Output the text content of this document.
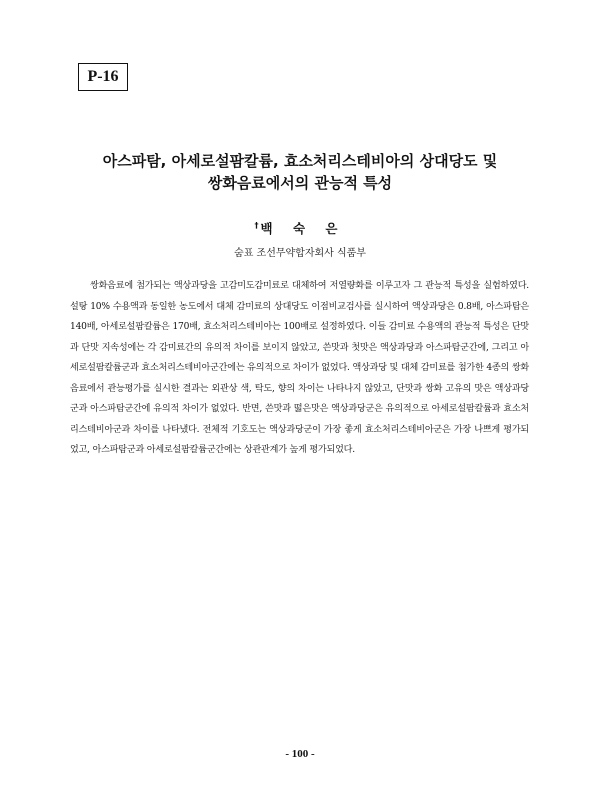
P-16
아스파탐, 아세로설팜칼륨, 효소처리스테비아의 상대당도 및
쌍화음료에서의 관능적 특성
† 백 숙 은
숨표 조선무약합자회사 식품부

쌍화음료에 첨가되는 액상과당을 고감미도감미료로 대체하여 저열량화를 이루고자 그 관능적 특성을 실험하였다. 설탕 10% 수용액과 동일한 농도에서 대체 감미료의 상대당도 이점비교검사를 실시하여 액상과당은 0.8배, 아스파탐은 140배, 아세로설팜칼륨은 170배, 효소처리스테비아는 100배로 설정하였다. 이들 감미료 수용액의 관능적 특성은 단맛과 단맛 지속성에는 각 감미료간의 유의적 차이를 보이지 않았고, 쓴맛과 첫맛은 액상과당과 아스파탐군간에, 그리고 아세로설팜칼륨군과 효소처리스테비아군간에는 유의적으로 차이가 없었다. 액상과당 및 대체 감미료를 첨가한 4종의 쌍화음료에서 관능평가를 실시한 결과는 외관상 색, 탁도, 향의 차이는 나타나지 않았고, 단맛과 쌍화 고유의 맛은 액상과당군과 아스파탐군간에 유의적 차이가 없었다. 반면, 쓴맛과 떫은맛은 액상과당군은 유의적으로 아세로설팜칼륨과 효소처리스테비아군과 차이를 나타냈다. 전체적 기호도는 액상과당군이 가장 좋게 효소처리스테비아군은 가장 나쁘게 평가되었고, 아스파탐군과 아세로설팜칼륨군간에는 상관관계가 높게 평가되었다.

- 100 -
